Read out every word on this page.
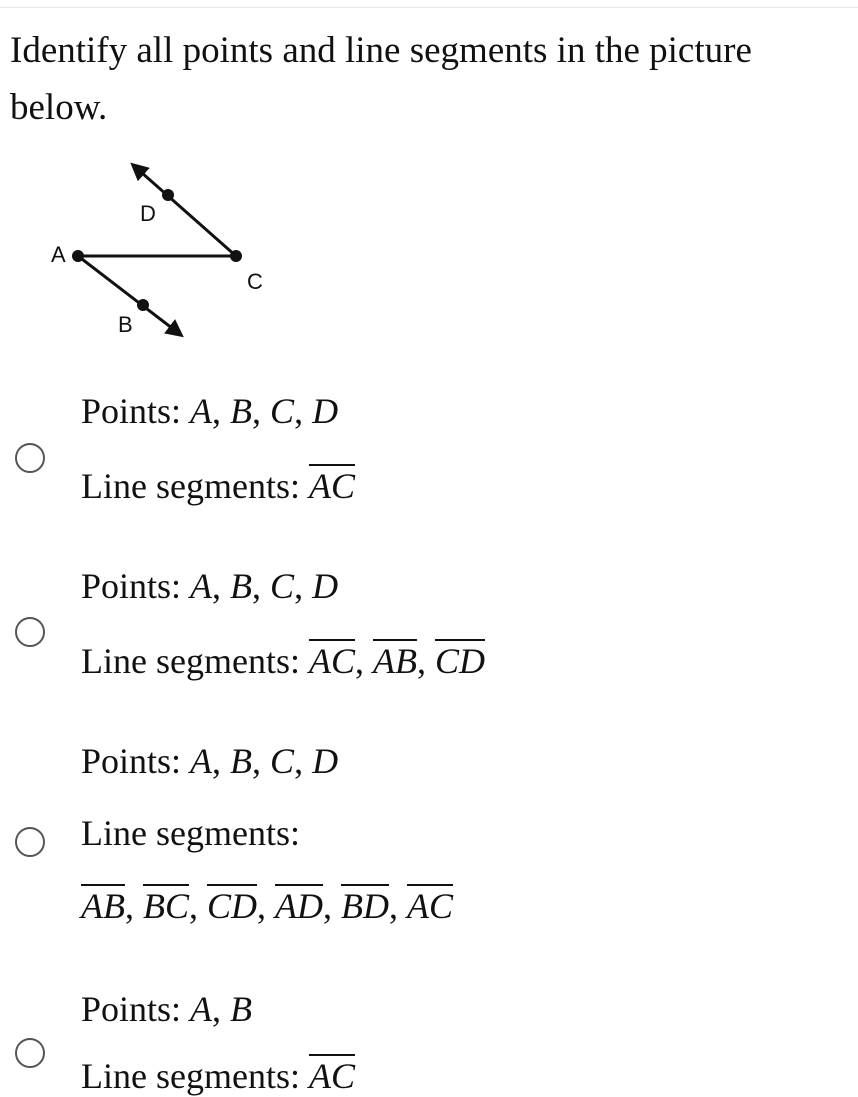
Identify all points and line segments in the picture below.
A
B
C
D
Points: A, B, C, D
Line segments: $\overline{AC}$
Points: A, B, C, D
Line segments: $\overline{AC}$, $\overline{AB}$, $\overline{CD}$
Points: A, B, C, D
Line segments:
$\overline{AB}$, $\overline{BC}$, $\overline{CD}$, $\overline{AD}$, $\overline{BD}$, $\overline{AC}$
Points: A, B
Line segments: $\overline{AC}$
